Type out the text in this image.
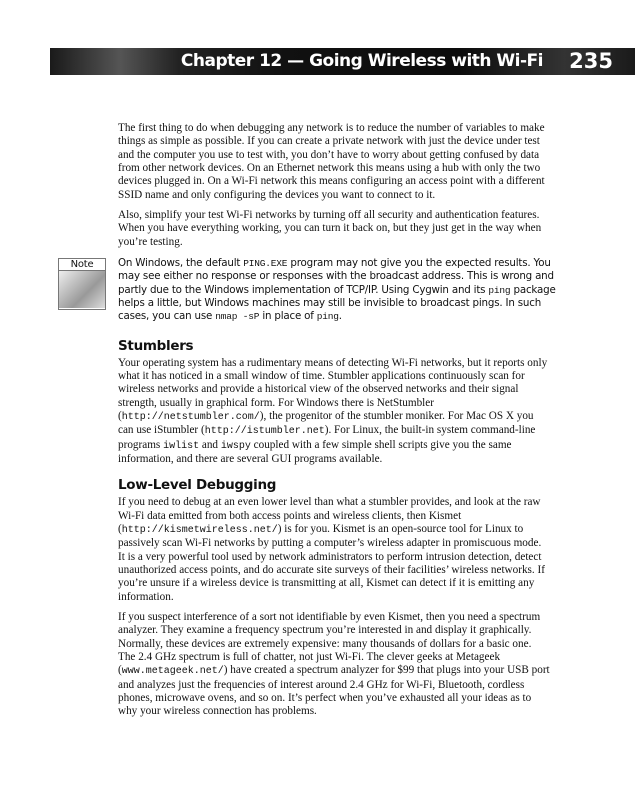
Chapter 12 — Going Wireless with Wi-Fi 235

The first thing to do when debugging any network is to reduce the number of variables to make things as simple as possible. If you can create a private network with just the device under test and the computer you use to test with, you don’t have to worry about getting confused by data from other network devices. On an Ethernet network this means using a hub with only the two devices plugged in. On a Wi-Fi network this means configuring an access point with a different SSID name and only configuring the devices you want to connect to it.

Also, simplify your test Wi-Fi networks by turning off all security and authentication features. When you have everything working, you can turn it back on, but they just get in the way when you’re testing.

Note	On Windows, the default PING.EXE program may not give you the expected results. You may see either no response or responses with the broadcast address. This is wrong and partly due to the Windows implementation of TCP/IP. Using Cygwin and its ping package helps a little, but Windows machines may still be invisible to broadcast pings. In such cases, you can use nmap -sP in place of ping.
Stumblers

Your operating system has a rudimentary means of detecting Wi-Fi networks, but it reports only what it has noticed in a small window of time. Stumbler applications continuously scan for wireless networks and provide a historical view of the observed networks and their signal strength, usually in graphical form. For Windows there is NetStumbler (http://netstumbler.com/), the progenitor of the stumbler moniker. For Mac OS X you can use iStumbler (http://istumbler.net). For Linux, the built-in system command-line programs iwlist and iwspy coupled with a few simple shell scripts give you the same information, and there are several GUI programs available.

Low-Level Debugging

If you need to debug at an even lower level than what a stumbler provides, and look at the raw Wi-Fi data emitted from both access points and wireless clients, then Kismet (http://kismetwireless.net/) is for you. Kismet is an open-source tool for Linux to passively scan Wi-Fi networks by putting a computer’s wireless adapter in promiscuous mode. It is a very powerful tool used by network administrators to perform intrusion detection, detect unauthorized access points, and do accurate site surveys of their facilities’ wireless networks. If you’re unsure if a wireless device is transmitting at all, Kismet can detect if it is emitting any information.

If you suspect interference of a sort not identifiable by even Kismet, then you need a spectrum analyzer. They examine a frequency spectrum you’re interested in and display it graphically. Normally, these devices are extremely expensive: many thousands of dollars for a basic one. The 2.4 GHz spectrum is full of chatter, not just Wi-Fi. The clever geeks at Metageek (www.metageek.net/) have created a spectrum analyzer for $99 that plugs into your USB port and analyzes just the frequencies of interest around 2.4 GHz for Wi-Fi, Bluetooth, cordless phones, microwave ovens, and so on. It’s perfect when you’ve exhausted all your ideas as to why your wireless connection has problems.
